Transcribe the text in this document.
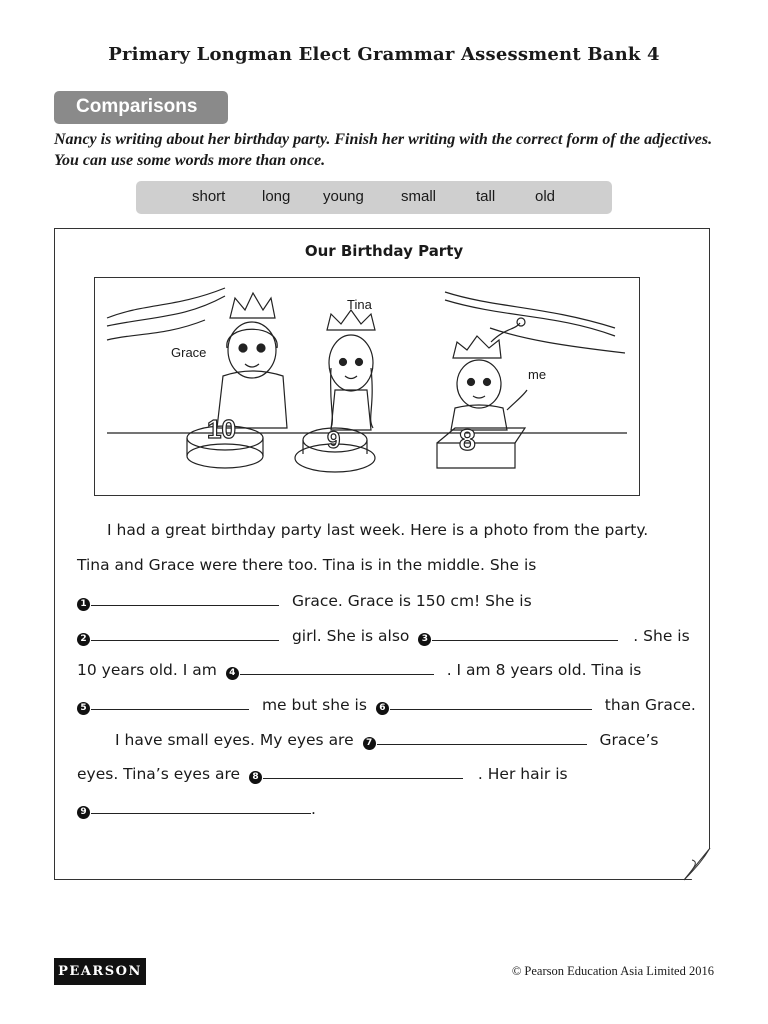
Primary Longman Elect Grammar Assessment Bank 4
Comparisons
Nancy is writing about her birthday party. Finish her writing with the correct form of the adjectives. You can use some words more than once.
short long young small	tall	old
Our Birthday Party
10	9	8
Tina
Grace
me
I had a great birthday party last week. Here is a photo from the party.
Tina and Grace were there too. Tina is in the middle. She is
1	Grace. Grace is 150 cm! She is
2	girl. She is also 3	. She is
10 years old. I am 4	. I am 8 years old. Tina is
5	me but she is 6	than Grace.
I have small eyes. My eyes are 7	Grace’s
eyes. Tina’s eyes are 8	. Her hair is
9	.
PEARSON	© Pearson Education Asia Limited 2016
